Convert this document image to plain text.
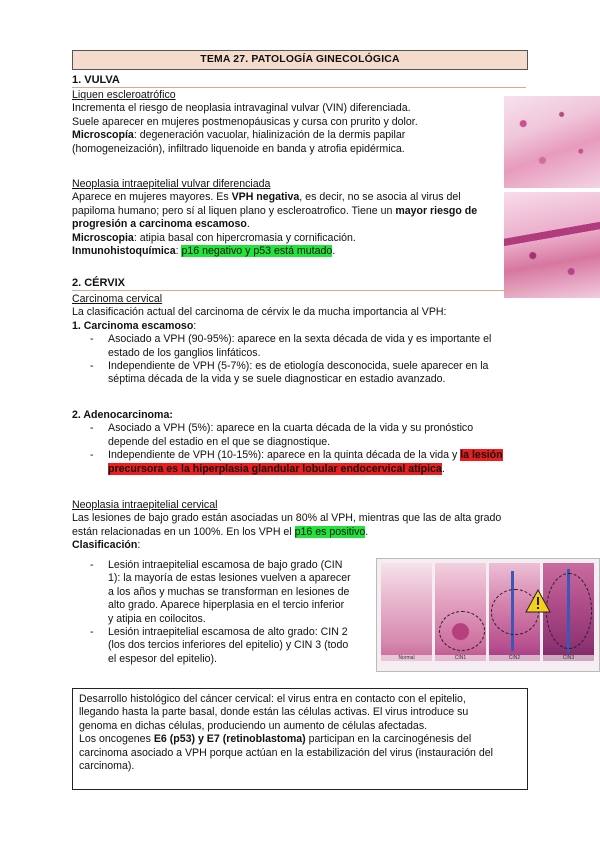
TEMA 27. PATOLOGÍA GINECOLÓGICA
1. VULVA
Liquen escleroatrófico
Incrementa el riesgo de neoplasia intravaginal vulvar (VIN) diferenciada.
Suele aparecer en mujeres postmenopáusicas y cursa con prurito y dolor.
Microscopía: degeneración vacuolar, hialinización de la dermis papilar
(homogeneización), infiltrado liquenoide en banda y atrofia epidérmica.
Neoplasia intraepitelial vulvar diferenciada
Aparece en mujeres mayores. Es VPH negativa, es decir, no se asocia al virus del
papiloma humano; pero sí al liquen plano y escleroatrofico. Tiene un mayor riesgo de
progresión a carcinoma escamoso.
Microscopia: atipia basal con hipercromasia y cornificación.
Inmunohistoquímica: p16 negativo y p53 está mutado.
2. CÉRVIX
Carcinoma cervical
La clasificación actual del carcinoma de cérvix le da mucha importancia al VPH:
1. Carcinoma escamoso:
- Asociado a VPH (90-95%): aparece en la sexta década de vida y es importante el
estado de los ganglios linfáticos.
- Independiente de VPH (5-7%): es de etiología desconocida, suele aparecer en la
séptima década de la vida y se suele diagnosticar en estadio avanzado.
2. Adenocarcinoma:
- Asociado a VPH (5%): aparece en la cuarta década de la vida y su pronóstico
depende del estadio en el que se diagnostique.
- Independiente de VPH (10-15%): aparece en la quinta década de la vida y la lesión
precursora es la hiperplasia glandular lobular endocervical atípica.
Neoplasia intraepitelial cervical
Las lesiones de bajo grado están asociadas un 80% al VPH, mientras que las de alta grado
están relacionadas en un 100%. En los VPH el p16 es positivo.
Clasificación:
- Lesión intraepitelial escamosa de bajo grado (CIN
1): la mayoría de estas lesiones vuelven a aparecer
a los años y muchas se transforman en lesiones de
alto grado. Aparece hiperplasia en el tercio inferior
y atipia en coilocitos.
- Lesión intraepitelial escamosa de alto grado: CIN 2
(los dos tercios inferiores del epitelio) y CIN 3 (todo
el espesor del epitelio).	Normal	CIN1	CIN2	CIN3
Desarrollo histológico del cáncer cervical: el virus entra en contacto con el epitelio,
llegando hasta la parte basal, donde están las células activas. El virus introduce su
genoma en dichas células, produciendo un aumento de células afectadas.
Los oncogenes E6 (p53) y E7 (retinoblastoma) participan en la carcinogénesis del
carcinoma asociado a VPH porque actúan en la estabilización del virus (instauración del
carcinoma).
